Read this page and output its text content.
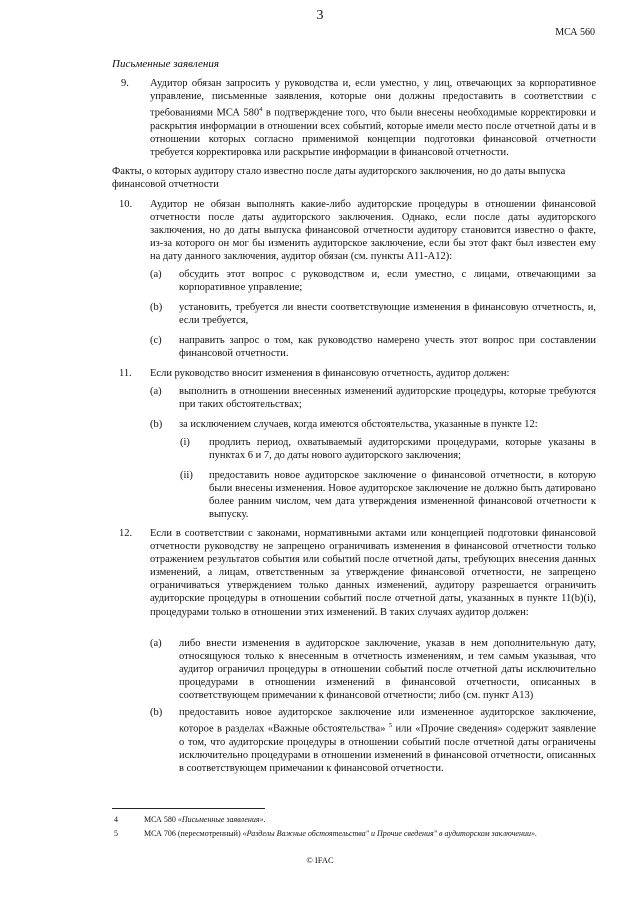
3
МСА 560
Письменные заявления
9. Аудитор обязан запросить у руководства и, если уместно, у лиц, отвечающих за корпоративное управление, письменные заявления, которые они должны предоставить в соответствии с требованиями МСА $580^4$ в подтверждение того, что были внесены необходимые корректировки и раскрытия информации в отношении всех событий, которые имели место после отчетной даты и в отношении которых согласно применимой концепции подготовки финансовой отчетности требуется корректировка или раскрытие информации в финансовой отчетности.
Факты, о которых аудитору стало известно после даты аудиторского заключения, но до даты выпуска финансовой отчетности
10. Аудитор не обязан выполнять какие-либо аудиторские процедуры в отношении финансовой отчетности после даты аудиторского заключения. Однако, если после даты аудиторского заключения, но до даты выпуска финансовой отчетности аудитору становится известно о факте, из-за которого он мог бы изменить аудиторское заключение, если бы этот факт был известен ему на дату данного заключения, аудитор обязан (см. пункты А11-А12):
(a) обсудить этот вопрос с руководством и, если уместно, с лицами, отвечающими за корпоративное управление;
(b) установить, требуется ли внести соответствующие изменения в финансовую отчетность, и, если требуется,
(c) направить запрос о том, как руководство намерено учесть этот вопрос при составлении финансовой отчетности.
11. Если руководство вносит изменения в финансовую отчетность, аудитор должен:
(a) выполнить в отношении внесенных изменений аудиторские процедуры, которые требуются при таких обстоятельствах;
(b) за исключением случаев, когда имеются обстоятельства, указанные в пункте 12:
(i) продлить период, охватываемый аудиторскими процедурами, которые указаны в пунктах 6 и 7, до даты нового аудиторского заключения;
(ii) предоставить новое аудиторское заключение о финансовой отчетности, в которую были внесены изменения. Новое аудиторское заключение не должно быть датировано более ранним числом, чем дата утверждения измененной финансовой отчетности к выпуску.
12. Если в соответствии с законами, нормативными актами или концепцией подготовки финансовой отчетности руководству не запрещено ограничивать изменения в финансовой отчетности только отражением результатов события или событий после отчетной даты, требующих внесения данных изменений, а лицам, ответственным за утверждение финансовой отчетности, не запрещено ограничиваться утверждением только данных изменений, аудитору разрешается ограничить аудиторские процедуры в отношении событий после отчетной даты, указанных в пункте 11(b)(i), процедурами только в отношении этих изменений. В таких случаях аудитор должен:
(a) либо внести изменения в аудиторское заключение, указав в нем дополнительную дату, относящуюся только к внесенным в отчетность изменениям, и тем самым указывая, что аудитор ограничил процедуры в отношении событий после отчетной даты исключительно процедурами в отношении изменений в финансовой отчетности, описанных в соответствующем примечании к финансовой отчетности; либо (см. пункт А13)
(b) предоставить новое аудиторское заключение или измененное аудиторское заключение, которое в разделах «Важные обстоятельства» $^5$ или «Прочие сведения» содержит заявление о том, что аудиторские процедуры в отношении событий после отчетной даты ограничены исключительно процедурами в отношении изменений в финансовой отчетности, описанных в соответствующем примечании к финансовой отчетности.
4	МСА 580 «Письменные заявления».
5	МСА 706 (пересмотренный) «Разделы Важные обстоятельства" и Прочие сведения" в аудиторском заключении».
© IFAC
